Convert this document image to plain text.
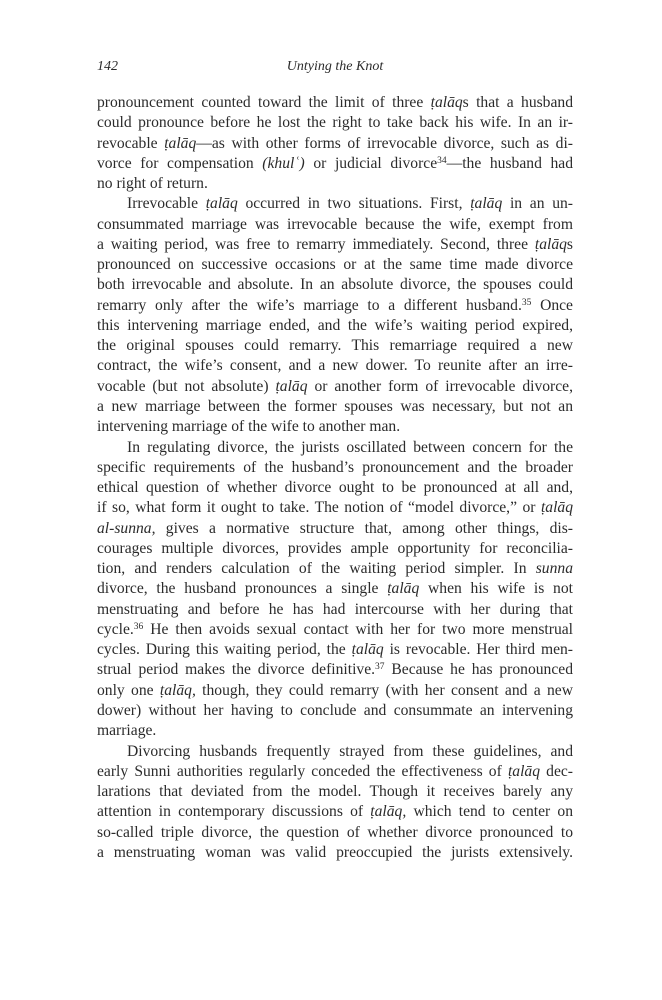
142	Untying the Knot
pronouncement counted toward the limit of three ṭalāqs that a husband
could pronounce before he lost the right to take back his wife. In an ir-
revocable ṭalāq—as with other forms of irrevocable divorce, such as di-
vorce for compensation (khulʿ) or judicial divorce$^{34}$—the husband had
no right of return.
Irrevocable ṭalāq occurred in two situations. First, ṭalāq in an un-
consummated marriage was irrevocable because the wife, exempt from
a waiting period, was free to remarry immediately. Second, three ṭalāqs
pronounced on successive occasions or at the same time made divorce
both irrevocable and absolute. In an absolute divorce, the spouses could
remarry only after the wife’s marriage to a different husband.$^{35}$ Once
this intervening marriage ended, and the wife’s waiting period expired,
the original spouses could remarry. This remarriage required a new
contract, the wife’s consent, and a new dower. To reunite after an irre-
vocable (but not absolute) ṭalāq or another form of irrevocable divorce,
a new marriage between the former spouses was necessary, but not an
intervening marriage of the wife to another man.
In regulating divorce, the jurists oscillated between concern for the
specific requirements of the husband’s pronouncement and the broader
ethical question of whether divorce ought to be pronounced at all and,
if so, what form it ought to take. The notion of “model divorce,” or ṭalāq
al-sunna, gives a normative structure that, among other things, dis-
courages multiple divorces, provides ample opportunity for reconcilia-
tion, and renders calculation of the waiting period simpler. In sunna
divorce, the husband pronounces a single ṭalāq when his wife is not
menstruating and before he has had intercourse with her during that
cycle.$^{36}$ He then avoids sexual contact with her for two more menstrual
cycles. During this waiting period, the ṭalāq is revocable. Her third men-
strual period makes the divorce definitive.$^{37}$ Because he has pronounced
only one ṭalāq, though, they could remarry (with her consent and a new
dower) without her having to conclude and consummate an intervening
marriage.
Divorcing husbands frequently strayed from these guidelines, and
early Sunni authorities regularly conceded the effectiveness of ṭalāq dec-
larations that deviated from the model. Though it receives barely any
attention in contemporary discussions of ṭalāq, which tend to center on
so-called triple divorce, the question of whether divorce pronounced to
a menstruating woman was valid preoccupied the jurists extensively.
